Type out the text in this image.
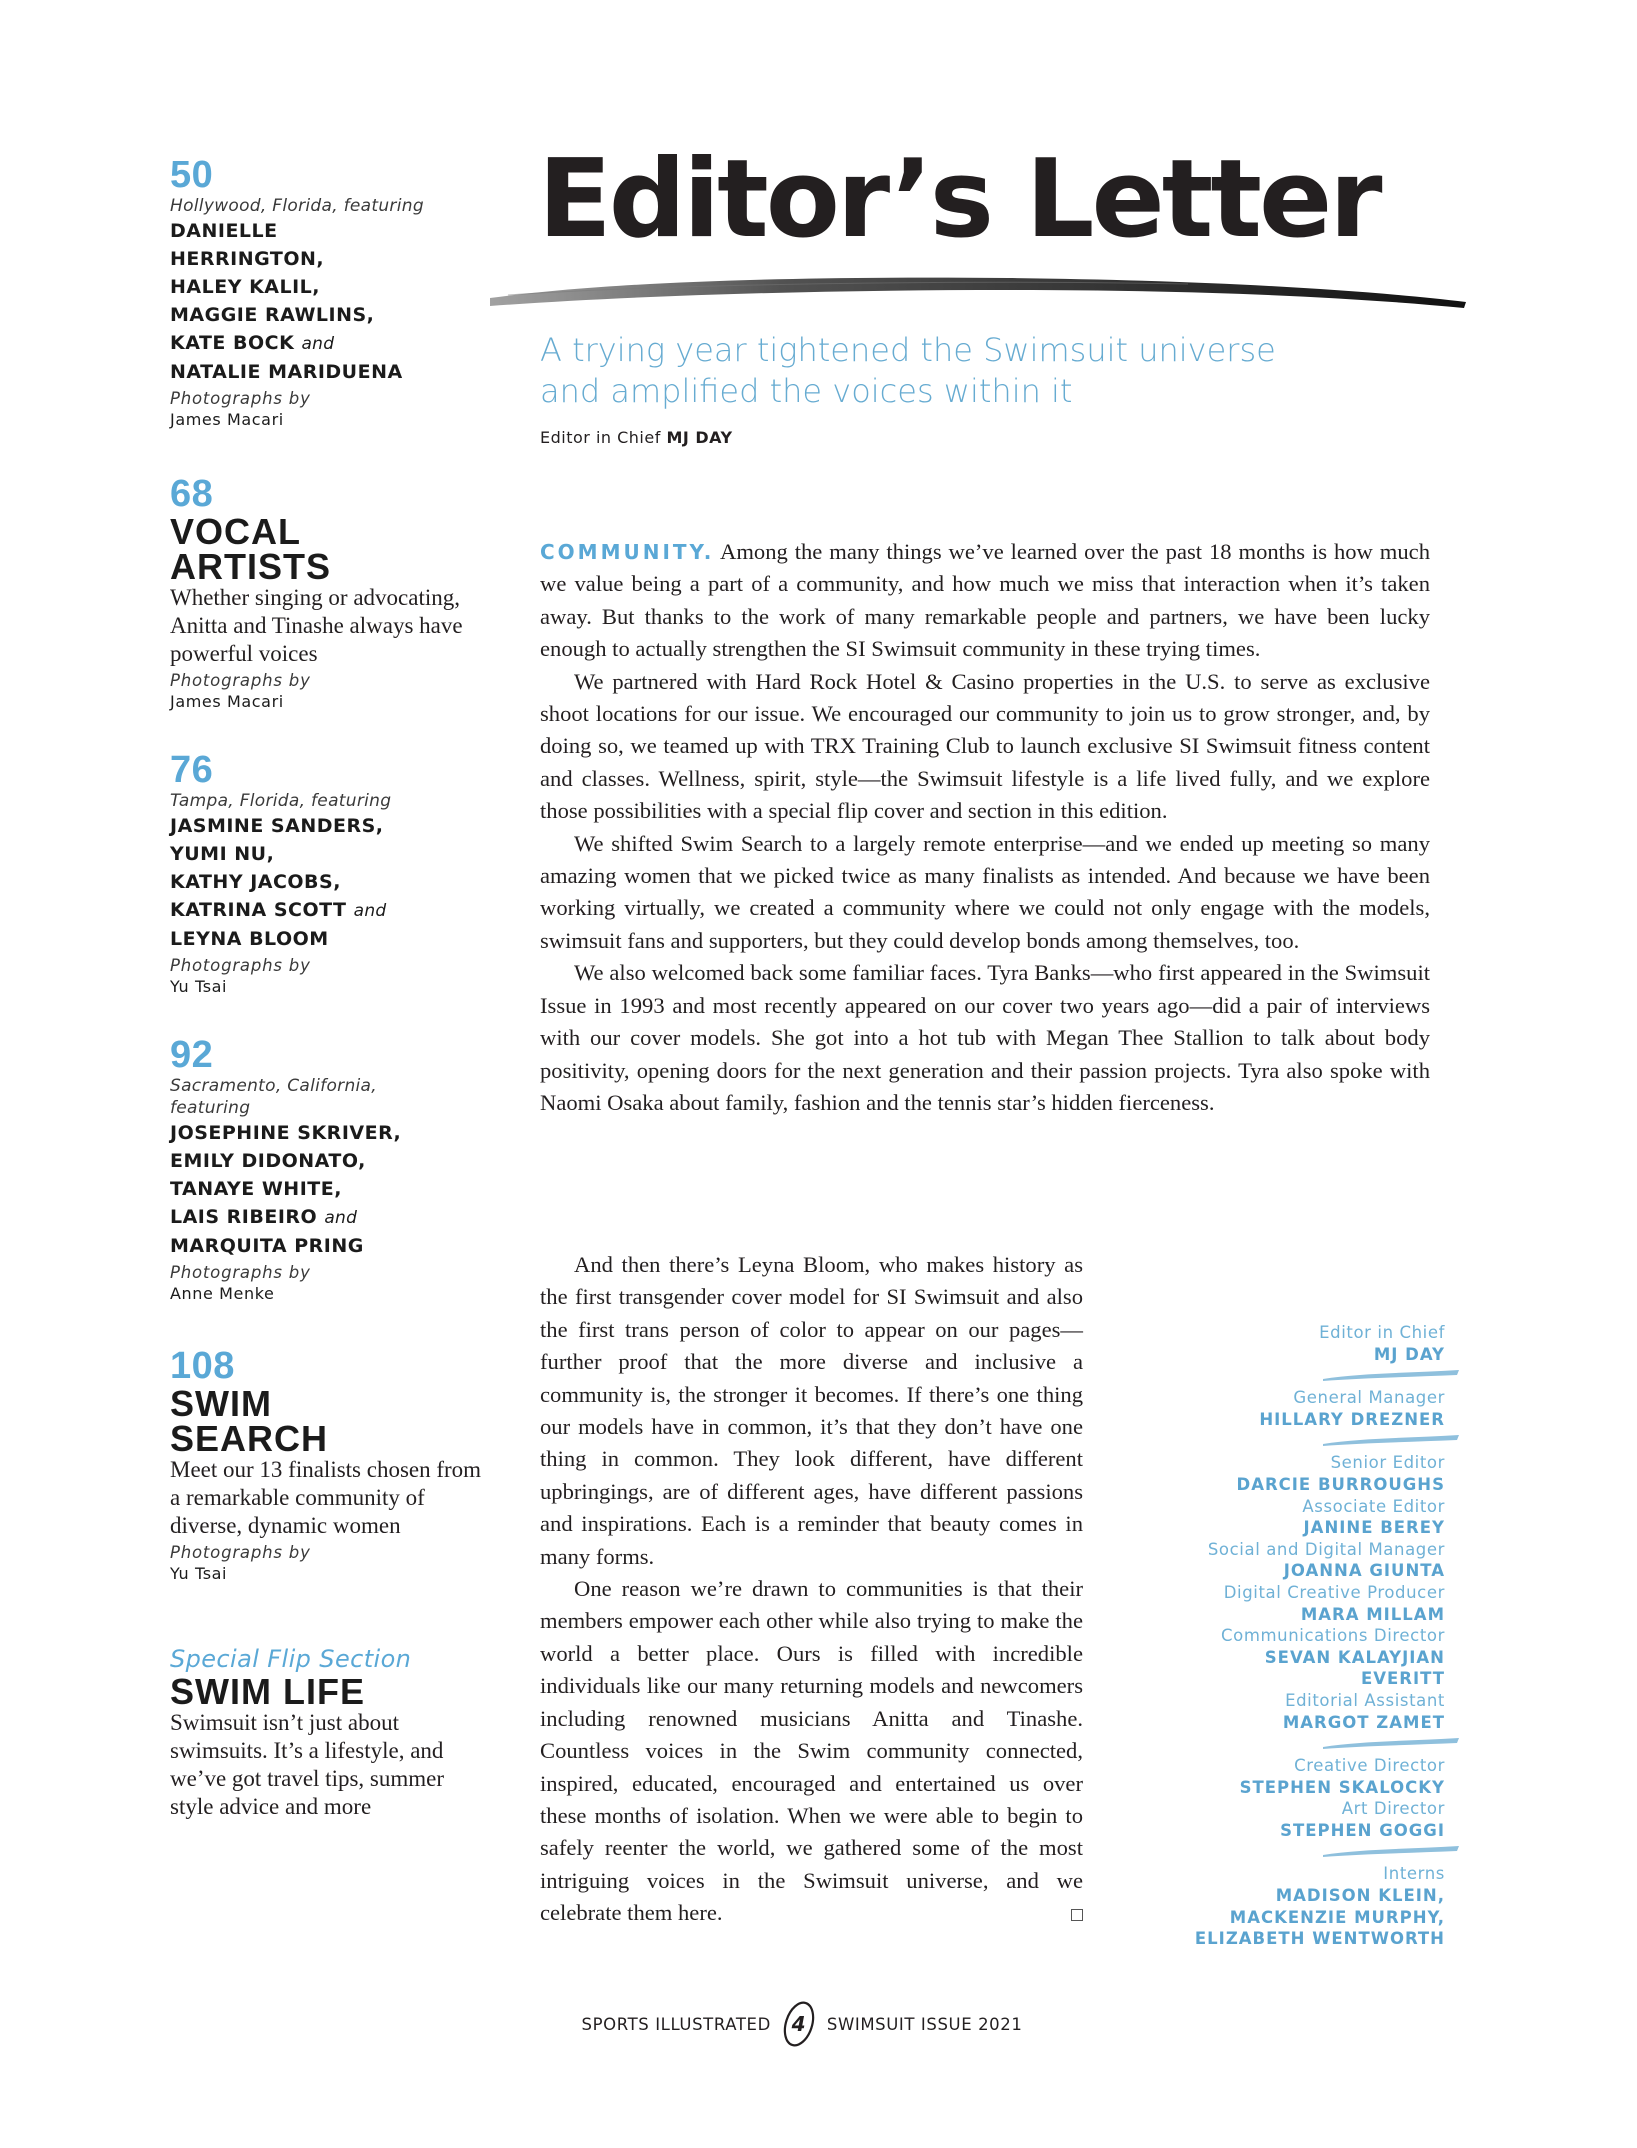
50
Hollywood, Florida, featuring
DANIELLE
HERRINGTON,
HALEY KALIL,
MAGGIE RAWLINS,
KATE BOCK and
NATALIE MARIDUENA
Photographs by
James Macari
68
VOCAL
ARTISTS
Whether singing or advocating, Anitta and Tinashe always have powerful voices
Photographs by
James Macari
76
Tampa, Florida, featuring
JASMINE SANDERS,
YUMI NU,
KATHY JACOBS,
KATRINA SCOTT and
LEYNA BLOOM
Photographs by
Yu Tsai
92
Sacramento, California,
featuring
JOSEPHINE SKRIVER,
EMILY DIDONATO,
TANAYE WHITE,
LAIS RIBEIRO and
MARQUITA PRING
Photographs by
Anne Menke
108
SWIM
SEARCH
Meet our 13 finalists chosen from a remarkable community of diverse, dynamic women
Photographs by
Yu Tsai
Special Flip Section
SWIM LIFE
Swimsuit isn’t just about swimsuits. It’s a lifestyle, and we’ve got travel tips, summer style advice and more
Editor’s Letter
A trying year tightened the Swimsuit universe
and amplified the voices within it
Editor in Chief MJ DAY

COMMUNITY. Among the many things we’ve learned over the past 18 months is how much we value being a part of a community, and how much we miss that interaction when it’s taken away. But thanks to the work of many remarkable people and partners, we have been lucky enough to actually strengthen the SI Swimsuit community in these trying times.

We partnered with Hard Rock Hotel & Casino properties in the U.S. to serve as exclusive shoot locations for our issue. We encouraged our community to join us to grow stronger, and, by doing so, we teamed up with TRX Training Club to launch exclusive SI Swimsuit fitness content and classes. Wellness, spirit, style—the Swimsuit lifestyle is a life lived fully, and we explore those possibilities with a special flip cover and section in this edition.

We shifted Swim Search to a largely remote enterprise—and we ended up meeting so many amazing women that we picked twice as many finalists as intended. And because we have been working virtually, we created a community where we could not only engage with the models, swimsuit fans and supporters, but they could develop bonds among themselves, too.

We also welcomed back some familiar faces. Tyra Banks—who first appeared in the Swimsuit Issue in 1993 and most recently appeared on our cover two years ago—did a pair of interviews with our cover models. She got into a hot tub with Megan Thee Stallion to talk about body positivity, opening doors for the next generation and their passion projects. Tyra also spoke with Naomi Osaka about family, fashion and the tennis star’s hidden fierceness.

And then there’s Leyna Bloom, who makes history as the first transgender cover model for SI Swimsuit and also the first trans person of color to appear on our pages—further proof that the more diverse and inclusive a community is, the stronger it becomes. If there’s one thing our models have in common, it’s that they don’t have one thing in common. They look different, have different upbringings, are of different ages, have different passions and inspirations. Each is a reminder that beauty comes in many forms.

One reason we’re drawn to communities is that their members empower each other while also trying to make the world a better place. Ours is filled with incredible individuals like our many returning models and newcomers including renowned musicians Anitta and Tinashe. Countless voices in the Swim community connected, inspired, educated, encouraged and entertained us over these months of isolation. When we were able to begin to safely reenter the world, we gathered some of the most intriguing voices in the Swimsuit universe, and we celebrate them here.

Editor in Chief
MJ DAY
General Manager
HILLARY DREZNER
Senior Editor
DARCIE BURROUGHS
Associate Editor
JANINE BEREY
Social and Digital Manager
JOANNA GIUNTA
Digital Creative Producer
MARA MILLAM
Communications Director
SEVAN KALAYJIAN
EVERITT
Editorial Assistant
MARGOT ZAMET
Creative Director
STEPHEN SKALOCKY
Art Director
STEPHEN GOGGI
Interns
MADISON KLEIN,
MACKENZIE MURPHY,
ELIZABETH WENTWORTH
SPORTS ILLUSTRATED 4 SWIMSUIT ISSUE 2021
